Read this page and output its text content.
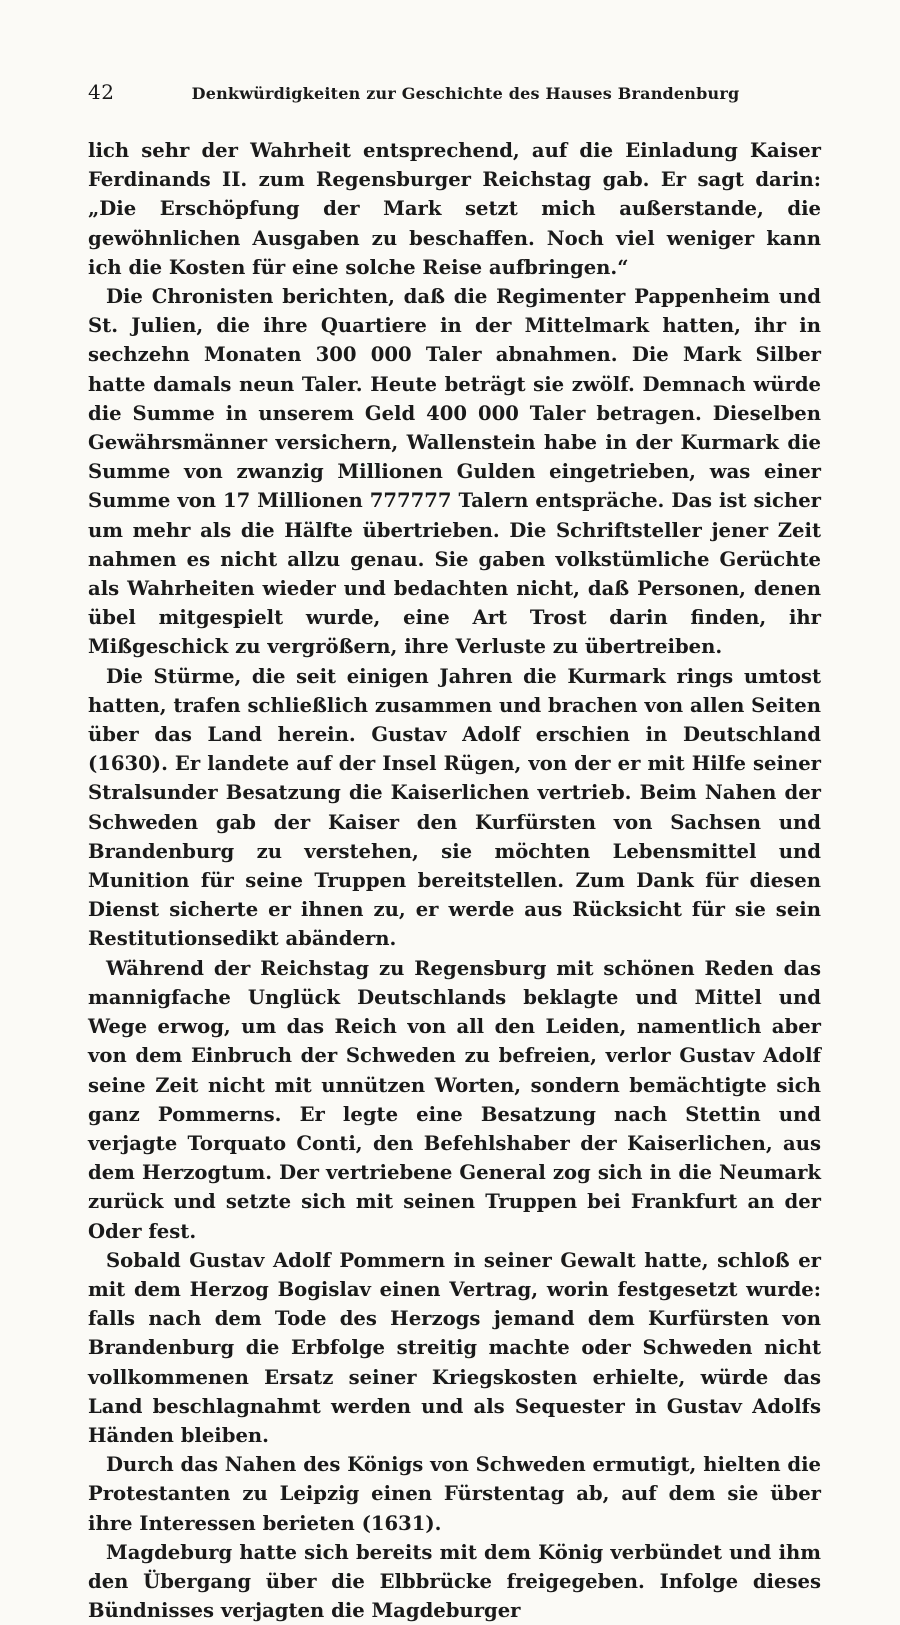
42	Denkwürdigkeiten zur Geschichte des Hauses Brandenburg

lich sehr der Wahrheit entsprechend, auf die Einladung Kaiser Ferdinands II. zum Regensburger Reichstag gab. Er sagt darin: „Die Erschöpfung der Mark setzt mich außerstande, die gewöhnlichen Ausgaben zu beschaffen. Noch viel weniger kann ich die Kosten für eine solche Reise aufbringen.“

Die Chronisten berichten, daß die Regimenter Pappenheim und St. Julien, die ihre Quartiere in der Mittelmark hatten, ihr in sechzehn Monaten 300 000 Taler abnahmen. Die Mark Silber hatte damals neun Taler. Heute beträgt sie zwölf. Demnach würde die Summe in unserem Geld 400 000 Taler betragen. Dieselben Gewährsmänner versichern, Wallenstein habe in der Kurmark die Summe von zwanzig Millionen Gulden eingetrieben, was einer Summe von 17 Millionen 777777 Talern entspräche. Das ist sicher um mehr als die Hälfte übertrieben. Die Schriftsteller jener Zeit nahmen es nicht allzu genau. Sie gaben volkstümliche Gerüchte als Wahrheiten wieder und bedachten nicht, daß Personen, denen übel mitgespielt wurde, eine Art Trost darin finden, ihr Mißgeschick zu vergrößern, ihre Verluste zu übertreiben.

Die Stürme, die seit einigen Jahren die Kurmark rings umtost hatten, trafen schließlich zusammen und brachen von allen Seiten über das Land herein. Gustav Adolf erschien in Deutschland (1630). Er landete auf der Insel Rügen, von der er mit Hilfe seiner Stralsunder Besatzung die Kaiserlichen vertrieb. Beim Nahen der Schweden gab der Kaiser den Kurfürsten von Sachsen und Brandenburg zu verstehen, sie möchten Lebensmittel und Munition für seine Truppen bereitstellen. Zum Dank für diesen Dienst sicherte er ihnen zu, er werde aus Rücksicht für sie sein Restitutionsedikt abändern.

Während der Reichstag zu Regensburg mit schönen Reden das mannigfache Unglück Deutschlands beklagte und Mittel und Wege erwog, um das Reich von all den Leiden, namentlich aber von dem Einbruch der Schweden zu befreien, verlor Gustav Adolf seine Zeit nicht mit unnützen Worten, sondern bemächtigte sich ganz Pommerns. Er legte eine Besatzung nach Stettin und verjagte Torquato Conti, den Befehlshaber der Kaiserlichen, aus dem Herzogtum. Der vertriebene General zog sich in die Neumark zurück und setzte sich mit seinen Truppen bei Frankfurt an der Oder fest.

Sobald Gustav Adolf Pommern in seiner Gewalt hatte, schloß er mit dem Herzog Bogislav einen Vertrag, worin festgesetzt wurde: falls nach dem Tode des Herzogs jemand dem Kurfürsten von Brandenburg die Erbfolge streitig machte oder Schweden nicht vollkommenen Ersatz seiner Kriegskosten erhielte, würde das Land beschlagnahmt werden und als Sequester in Gustav Adolfs Händen bleiben.

Durch das Nahen des Königs von Schweden ermutigt, hielten die Protestanten zu Leipzig einen Fürstentag ab, auf dem sie über ihre Interessen berieten (1631).

Magdeburg hatte sich bereits mit dem König verbündet und ihm den Übergang über die Elbbrücke freigegeben. Infolge dieses Bündnisses verjagten die Magdeburger
